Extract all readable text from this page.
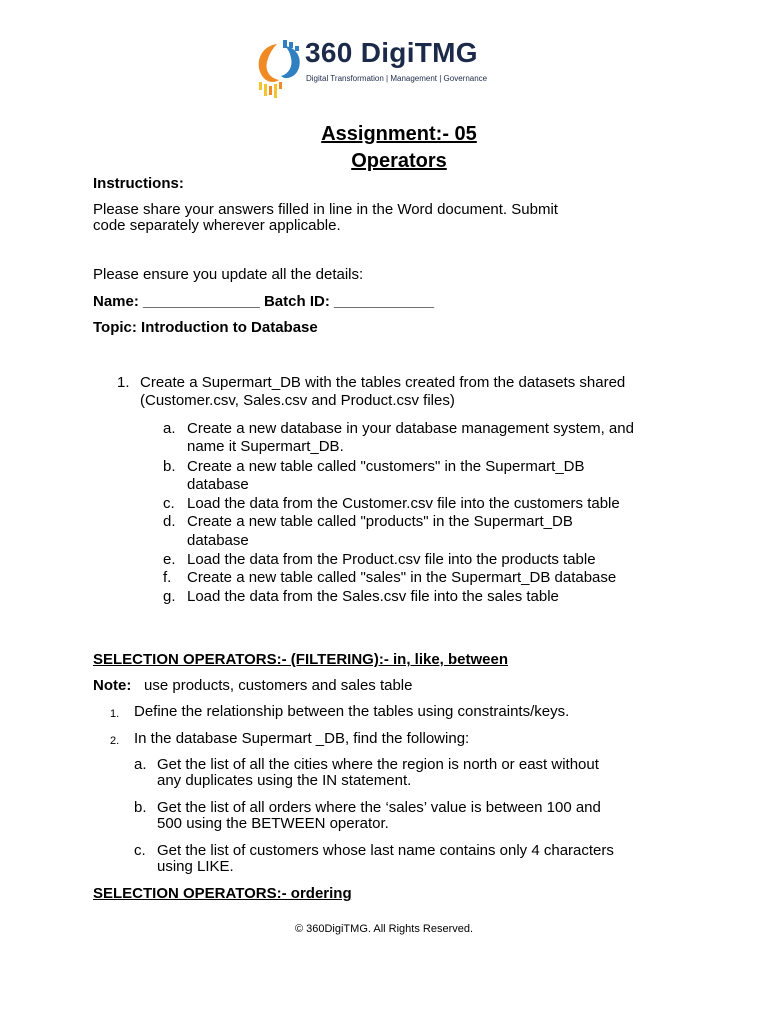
360 DigiTMG
Digital Transformation | Management | Governance
Assignment:- 05
Operators
Instructions:
Please share your answers filled in line in the Word document. Submit
code separately wherever applicable.
Please ensure you update all the details:
Name: ______________ Batch ID: ____________
Topic: Introduction to Database
1. Create a Supermart_DB with the tables created from the datasets shared
(Customer.csv, Sales.csv and Product.csv files)
a. Create a new database in your database management system, and
name it Supermart_DB.
b. Create a new table called "customers" in the Supermart_DB
database
c. Load the data from the Customer.csv file into the customers table
d. Create a new table called "products" in the Supermart_DB
database
e. Load the data from the Product.csv file into the products table
f. Create a new table called "sales" in the Supermart_DB database
g. Load the data from the Sales.csv file into the sales table
SELECTION OPERATORS:- (FILTERING):- in, like, between
Note: use products, customers and sales table
1. Define the relationship between the tables using constraints/keys.
2. In the database Supermart _DB, find the following:
a. Get the list of all the cities where the region is north or east without
any duplicates using the IN statement.
b. Get the list of all orders where the ‘sales’ value is between 100 and
500 using the BETWEEN operator.
c. Get the list of customers whose last name contains only 4 characters
using LIKE.
SELECTION OPERATORS:- ordering
© 360DigiTMG. All Rights Reserved.
